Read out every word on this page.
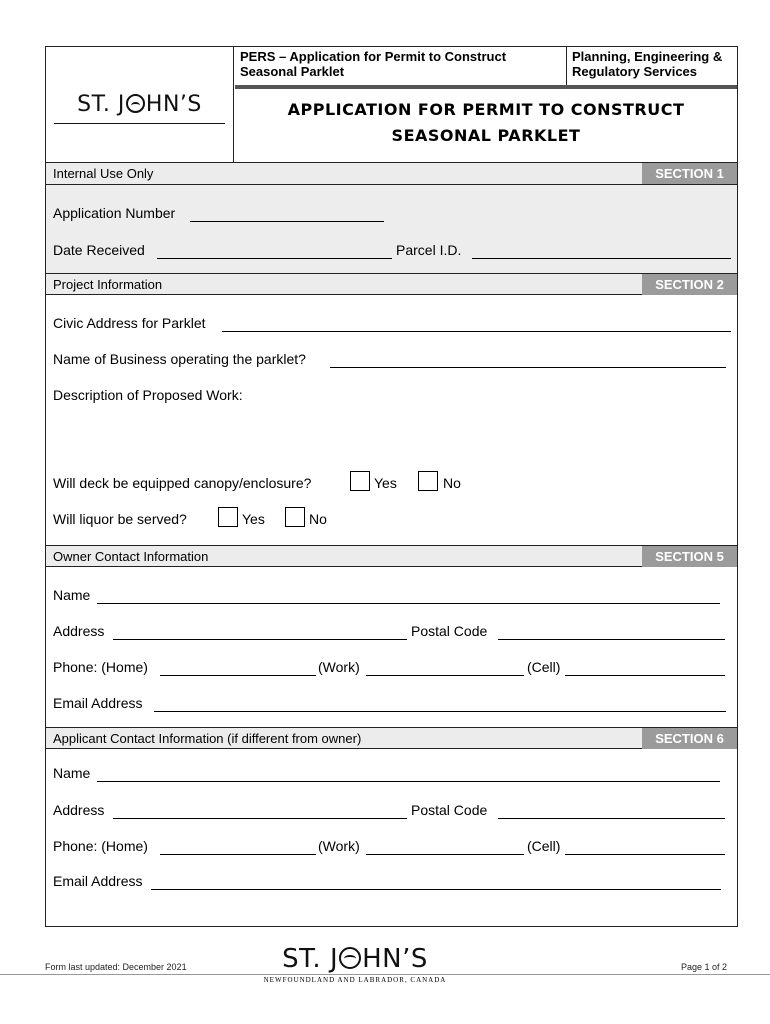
ST. J HN’S
PERS – Application for Permit to Construct Seasonal Parklet
Planning, Engineering & Regulatory Services
APPLICATION FOR PERMIT TO CONSTRUCT
SEASONAL PARKLET
Internal Use Only	SECTION 1
Application Number
Date Received	Parcel I.D.
Project Information	SECTION 2
Civic Address for Parklet
Name of Business operating the parklet?
Description of Proposed Work:
Will deck be equipped canopy/enclosure?	Yes	No
Will liquor be served?	Yes	No
Owner Contact Information	SECTION 5
Name
Address	Postal Code
Phone: (Home)	(Work)	(Cell)
Email Address
Applicant Contact Information (if different from owner)	SECTION 6
Name
Address	Postal Code
Phone: (Home)	(Work)	(Cell)
Email Address
Form last updated: December 2021	ST. J HN’S
NEWFOUNDLAND AND LABRADOR, CANADA
Page 1 of 2
